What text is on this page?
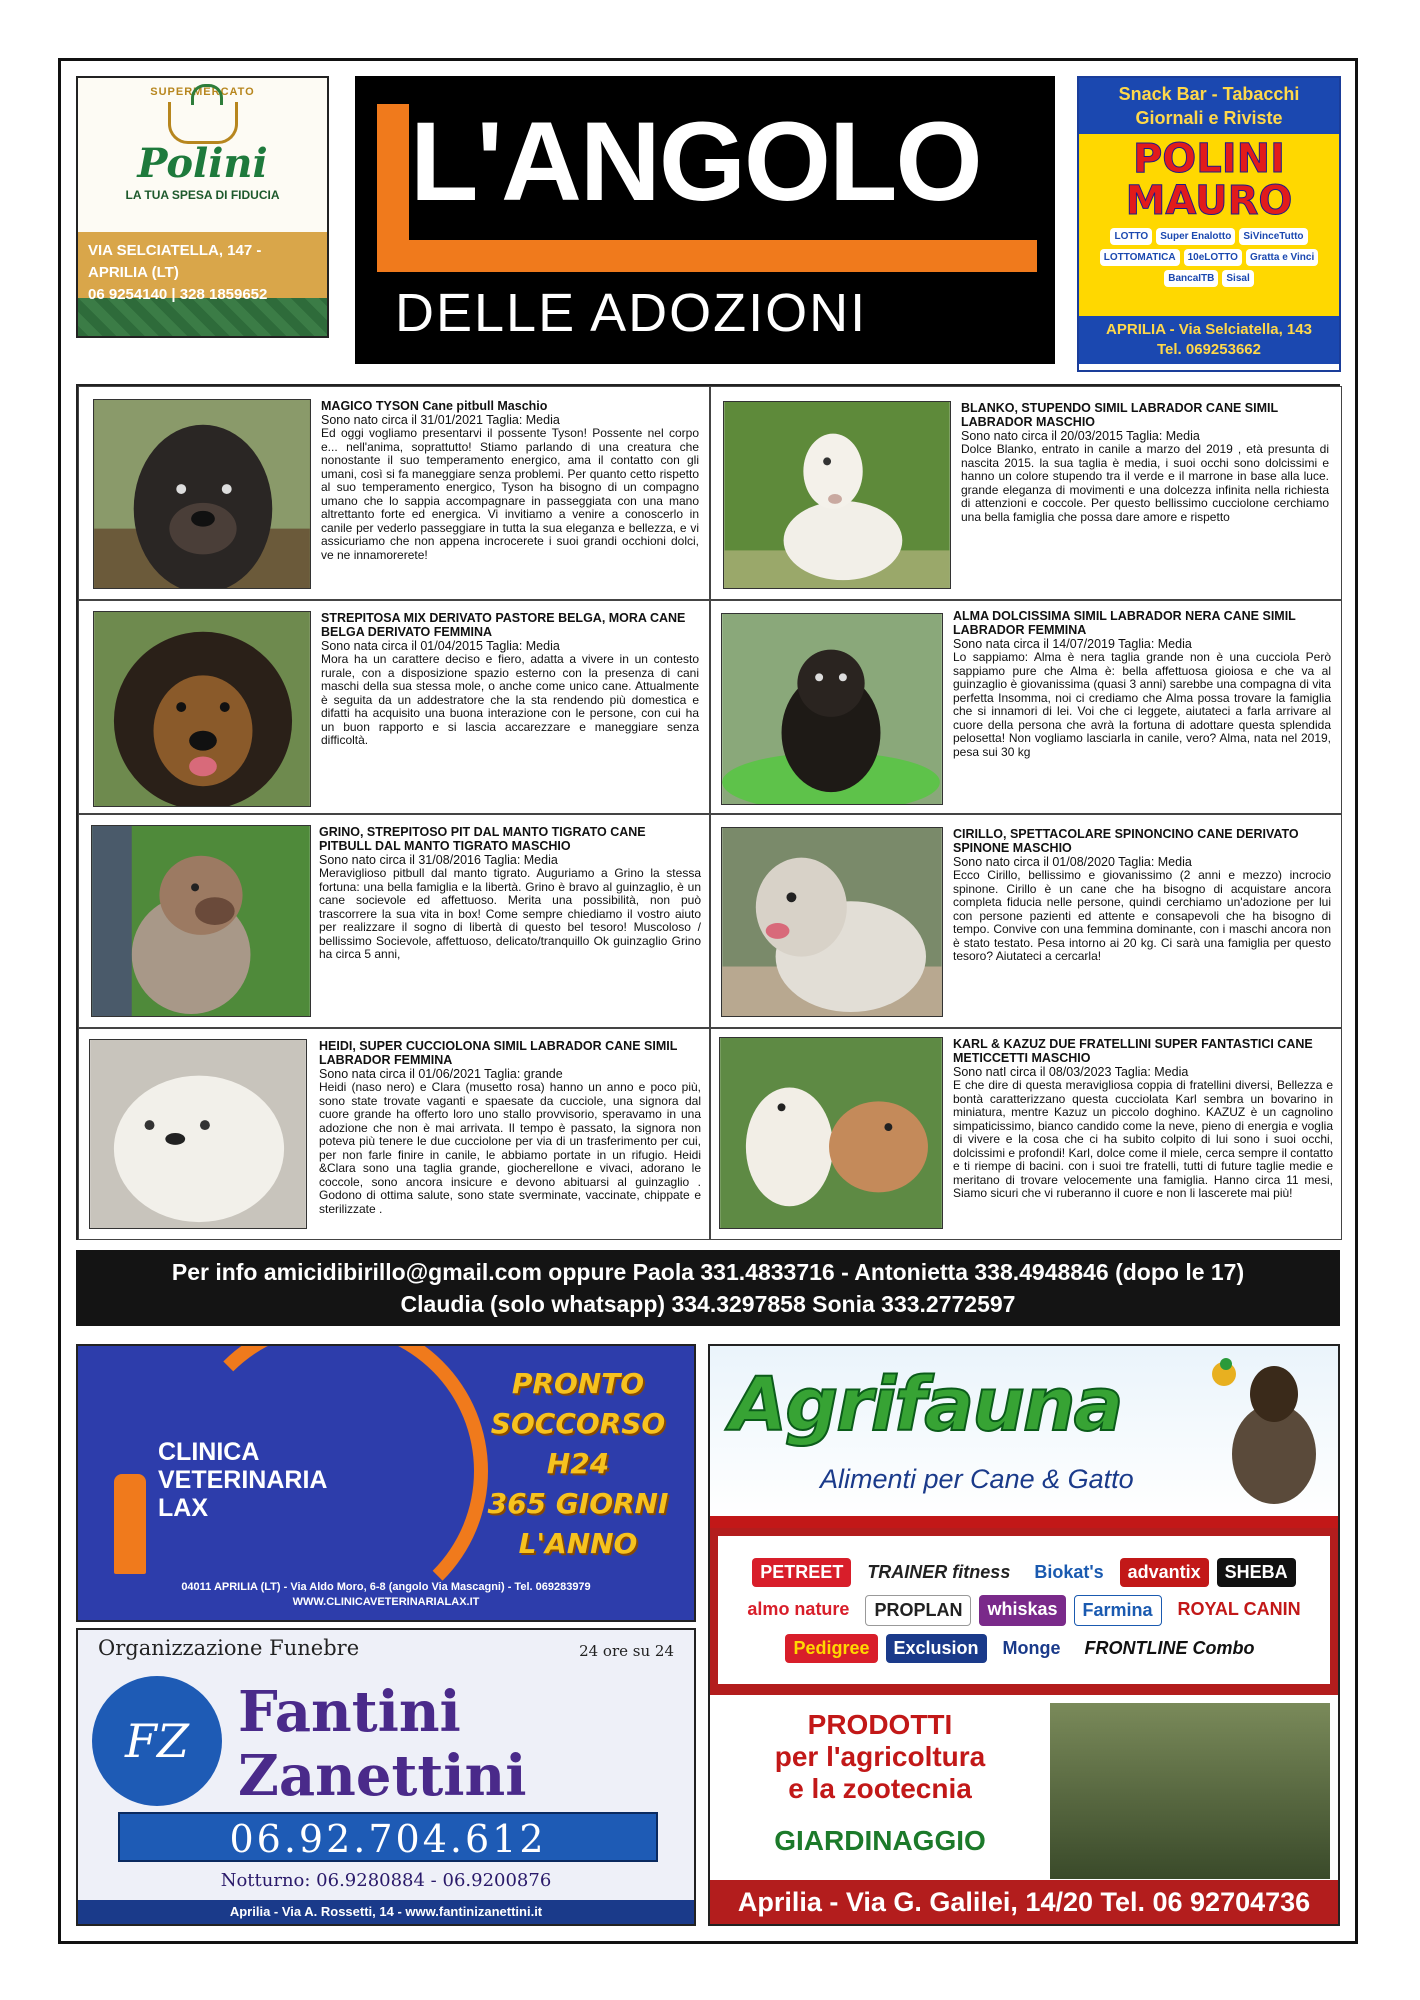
SUPERMERCATO
Polini
LA TUA SPESA DI FIDUCIA
VIA SELCIATELLA, 147 - APRILIA (LT)
06 9254140 | 328 1859652
L'ANGOLO
DELLE ADOZIONI
Snack Bar - Tabacchi
Giornali e Riviste
POLINI
MAURO
LOTTO	Super Enalotto	SiVinceTutto
LOTTOMATICA	10eLOTTO	Gratta e Vinci
BancaITB	Sisal
APRILIA - Via Selciatella, 143
Tel. 069253662
MAGICO TYSON Cane pitbull Maschio
Sono nato circa il 31/01/2021 Taglia: Media

Ed oggi vogliamo presentarvi il possente Tyson! Possente nel corpo e... nell'anima, soprattutto! Stiamo parlando di una creatura che nonostante il suo temperamento energico, ama il contatto con gli umani, così si fa maneggiare senza problemi. Per quanto cetto rispetto al suo temperamento energico, Tyson ha bisogno di un compagno umano che lo sappia accompagnare in passeggiata con una mano altrettanto forte ed energica. Vi invitiamo a venire a conoscerlo in canile per vederlo passeggiare in tutta la sua eleganza e bellezza, e vi assicuriamo che non appena incrocerete i suoi grandi occhioni dolci, ve ne innamorerete!

BLANKO, STUPENDO SIMIL LABRADOR CANE SIMIL LABRADOR MASCHIO
Sono nato circa il 20/03/2015 Taglia: Media

Dolce Blanko, entrato in canile a marzo del 2019 , età presunta di nascita 2015. la sua taglia è media, i suoi occhi sono dolcissimi e hanno un colore stupendo tra il verde e il marrone in base alla luce. grande eleganza di movimenti e una dolcezza infinita nella richiesta di attenzioni e coccole. Per questo bellissimo cucciolone cerchiamo una bella famiglia che possa dare amore e rispetto

STREPITOSA MIX DERIVATO PASTORE BELGA, MORA CANE BELGA DERIVATO FEMMINA
Sono nata circa il 01/04/2015 Taglia: Media

Mora ha un carattere deciso e fiero, adatta a vivere in un contesto rurale, con a disposizione spazio esterno con la presenza di cani maschi della sua stessa mole, o anche come unico cane. Attualmente è seguita da un addestratore che la sta rendendo più domestica e difatti ha acquisito una buona interazione con le persone, con cui ha un buon rapporto e si lascia accarezzare e maneggiare senza difficoltà.

ALMA DOLCISSIMA SIMIL LABRADOR NERA CANE SIMIL LABRADOR FEMMINA
Sono nata circa il 14/07/2019 Taglia: Media

Lo sappiamo: Alma è nera taglia grande non è una cucciola Però sappiamo pure che Alma è: bella affettuosa gioiosa e che va al guinzaglio è giovanissima (quasi 3 anni) sarebbe una compagna di vita perfetta Insomma, noi ci crediamo che Alma possa trovare la famiglia che si innamori di lei. Voi che ci leggete, aiutateci a farla arrivare al cuore della persona che avrà la fortuna di adottare questa splendida pelosetta! Non vogliamo lasciarla in canile, vero? Alma, nata nel 2019, pesa sui 30 kg

GRINO, STREPITOSO PIT DAL MANTO TIGRATO CANE PITBULL DAL MANTO TIGRATO MASCHIO
Sono nato circa il 31/08/2016 Taglia: Media

Meraviglioso pitbull dal manto tigrato. Auguriamo a Grino la stessa fortuna: una bella famiglia e la libertà. Grino è bravo al guinzaglio, è un cane socievole ed affettuoso. Merita una possibilità, non può trascorrere la sua vita in box! Come sempre chiediamo il vostro aiuto per realizzare il sogno di libertà di questo bel tesoro! Muscoloso / bellissimo Socievole, affettuoso, delicato/tranquillo Ok guinzaglio Grino ha circa 5 anni,

CIRILLO, SPETTACOLARE SPINONCINO CANE DERIVATO SPINONE MASCHIO
Sono nato circa il 01/08/2020 Taglia: Media

Ecco Cirillo, bellissimo e giovanissimo (2 anni e mezzo) incrocio spinone. Cirillo è un cane che ha bisogno di acquistare ancora completa fiducia nelle persone, quindi cerchiamo un'adozione per lui con persone pazienti ed attente e consapevoli che ha bisogno di tempo. Convive con una femmina dominante, con i maschi ancora non è stato testato. Pesa intorno ai 20 kg. Ci sarà una famiglia per questo tesoro? Aiutateci a cercarla!

HEIDI, SUPER CUCCIOLONA SIMIL LABRADOR CANE SIMIL LABRADOR FEMMINA
Sono nata circa il 01/06/2021 Taglia: grande

Heidi (naso nero) e Clara (musetto rosa) hanno un anno e poco più, sono state trovate vaganti e spaesate da cucciole, una signora dal cuore grande ha offerto loro uno stallo provvisorio, speravamo in una adozione che non è mai arrivata. Il tempo è passato, la signora non poteva più tenere le due cucciolone per via di un trasferimento per cui, per non farle finire in canile, le abbiamo portate in un rifugio. Heidi &Clara sono una taglia grande, giocherellone e vivaci, adorano le coccole, sono ancora insicure e devono abituarsi al guinzaglio . Godono di ottima salute, sono state sverminate, vaccinate, chippate e sterilizzate .

KARL & KAZUZ DUE FRATELLINI SUPER FANTASTICI CANE METICCETTI MASCHIO
Sono natI circa il 08/03/2023 Taglia: Media

E che dire di questa meravigliosa coppia di fratellini diversi, Bellezza e bontà caratterizzano questa cucciolata Karl sembra un bovarino in miniatura, mentre Kazuz un piccolo doghino. KAZUZ è un cagnolino simpaticissimo, bianco candido come la neve, pieno di energia e voglia di vivere e la cosa che ci ha subito colpito di lui sono i suoi occhi, dolcissimi e profondi! Karl, dolce come il miele, cerca sempre il contatto e ti riempe di bacini. con i suoi tre fratelli, tutti di future taglie medie e meritano di trovare velocemente una famiglia. Hanno circa 11 mesi, Siamo sicuri che vi ruberanno il cuore e non li lascerete mai più!

Per info amicidibirillo@gmail.com oppure Paola 331.4833716 - Antonietta 338.4948846 (dopo le 17)
Claudia (solo whatsapp) 334.3297858 Sonia 333.2772597
CLINICA
VETERINARIA
LAX
PRONTO
SOCCORSO
H24
365 GIORNI
L'ANNO
04011 APRILIA (LT) - Via Aldo Moro, 6-8 (angolo Via Mascagni) - Tel. 069283979
WWW.CLINICAVETERINARIALAX.IT
Organizzazione Funebre	24 ore su 24
FZ Fantini
Zanettini
06.92.704.612
Notturno: 06.9280884 - 06.9200876
Aprilia - Via A. Rossetti, 14 - www.fantinizanettini.it
Agrifauna
Alimenti per Cane & Gatto
PETREET	TRAINER fitness	Biokat's	advantix	SHEBA
almo nature	PROPLAN	whiskas	Farmina	ROYAL CANIN
Pedigree	Exclusion	Monge	FRONTLINE Combo
PRODOTTI
per l'agricoltura
e la zootecnia
GIARDINAGGIO
Aprilia - Via G. Galilei, 14/20 Tel. 06 92704736
